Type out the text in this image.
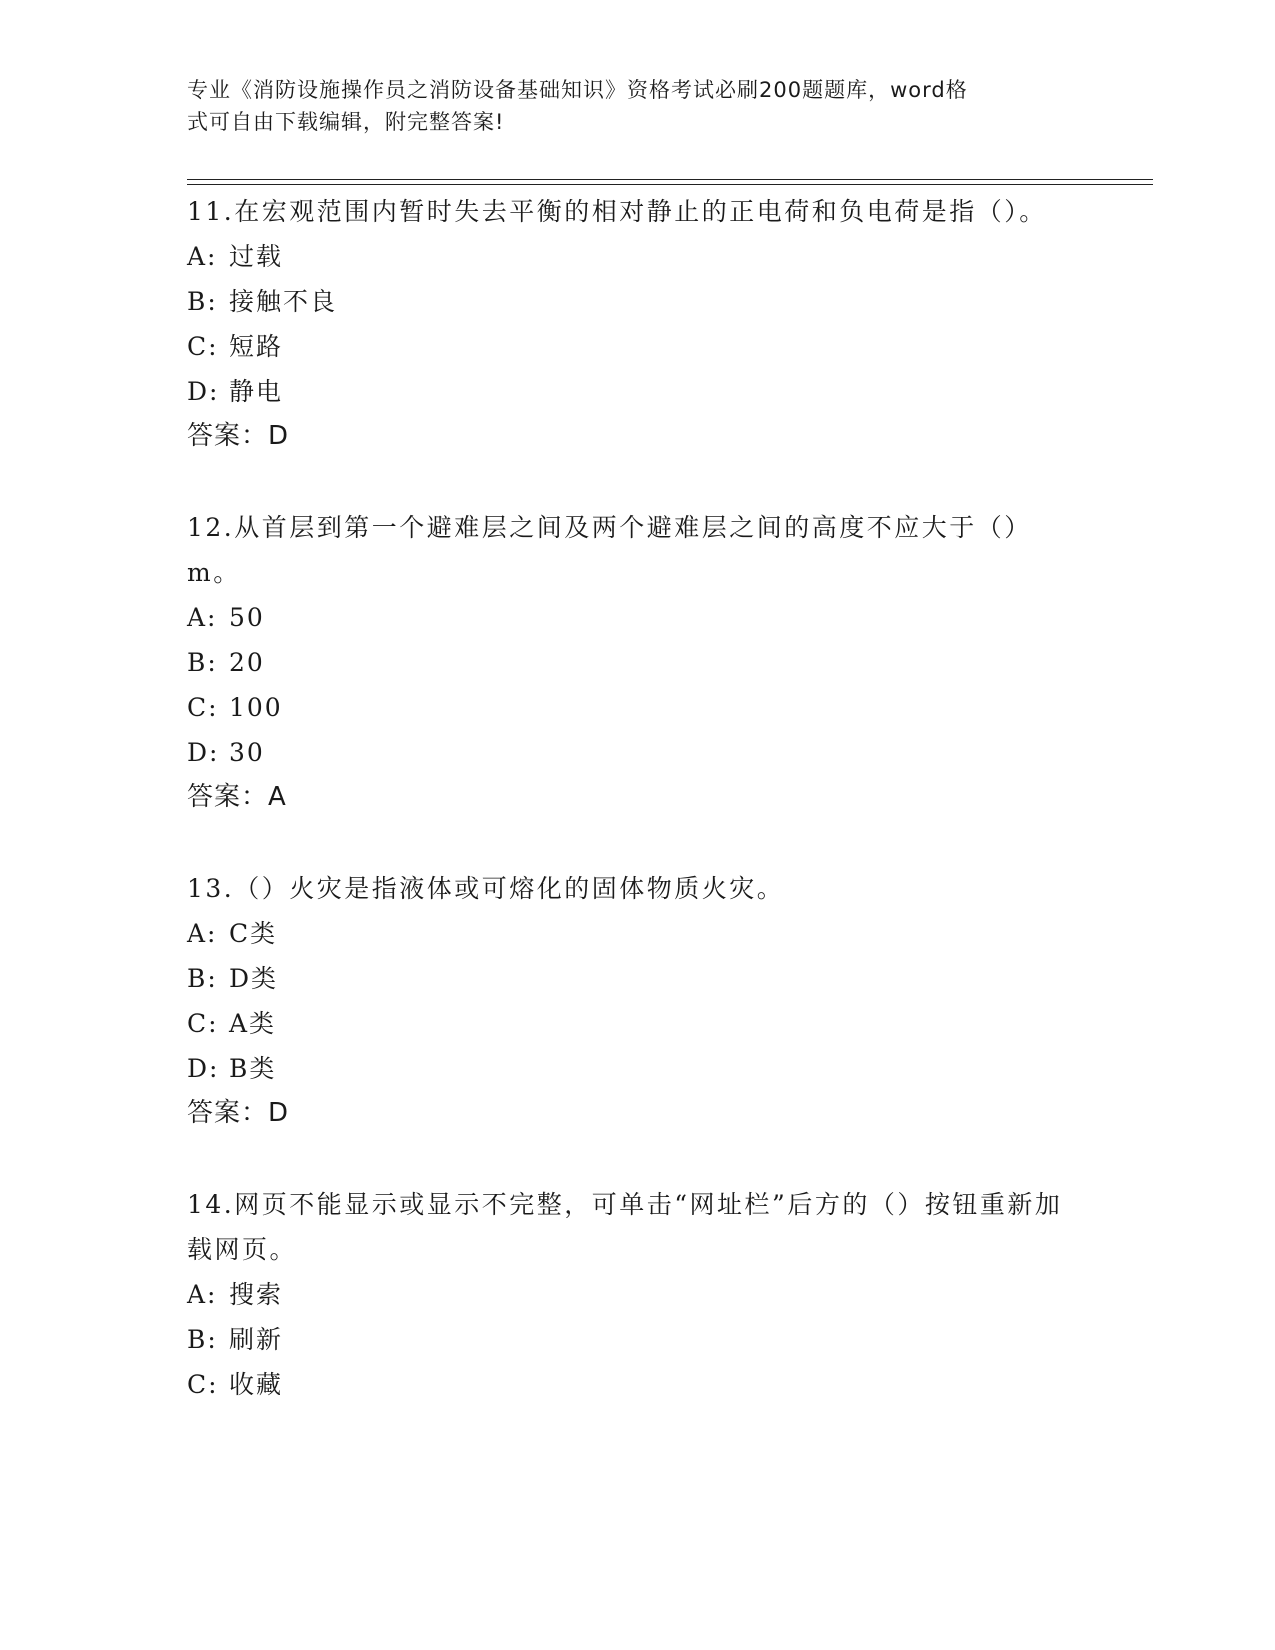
专业《消防设施操作员之消防设备基础知识》资格考试必刷200题题库，word格
式可自由下载编辑，附完整答案!
11.在宏观范围内暂时失去平衡的相对静止的正电荷和负电荷是指（）。
A: 过载
B: 接触不良
C: 短路
D: 静电
答案：D
12.从首层到第一个避难层之间及两个避难层之间的高度不应大于（）m。
A: 50
B: 20
C: 100
D: 30
答案：A
13.（）火灾是指液体或可熔化的固体物质火灾。
A: C类
B: D类
C: A类
D: B类
答案：D
14.网页不能显示或显示不完整，可单击“网址栏”后方的（）按钮重新加载网页。
A: 搜索
B: 刷新
C: 收藏
